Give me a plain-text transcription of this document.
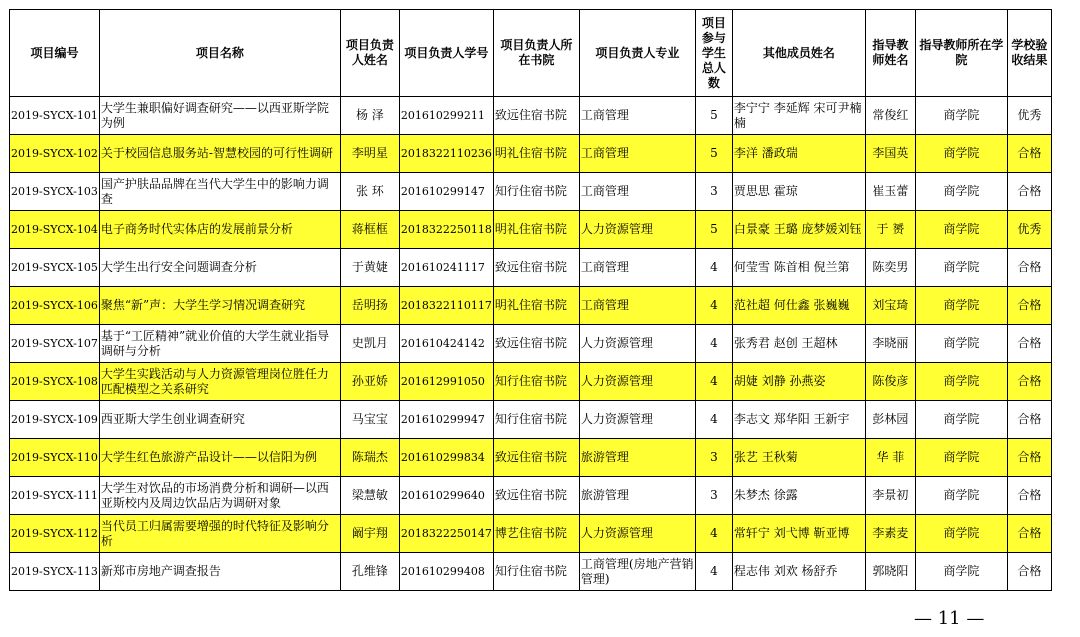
项目编号	项目名称	项目负责人姓名	项目负责人学号	项目负责人所在书院	项目负责人专业	项目参与学生总人数	其他成员姓名	指导教师姓名	指导教师所在学院	学校验收结果
2019-SYCX-101	大学生兼职偏好调查研究——以西亚斯学院为例	杨 泽	201610299211	致远住宿书院	工商管理	5	李宁宁 李延辉 宋可尹楠楠	常俊红	商学院	优秀
2019-SYCX-102	关于校园信息服务站-智慧校园的可行性调研	李明星	2018322110236	明礼住宿书院	工商管理	5	李洋 潘政瑞	李国英	商学院	合格
2019-SYCX-103	国产护肤品品牌在当代大学生中的影响力调查	张 环	201610299147	知行住宿书院	工商管理	3	贾思思 霍琼	崔玉蕾	商学院	合格
2019-SYCX-104	电子商务时代实体店的发展前景分析	蒋框框	2018322250118	明礼住宿书院	人力资源管理	5	白景豪 王璐 庞梦媛刘钰	于 赟	商学院	优秀
2019-SYCX-105	大学生出行安全问题调查分析	于黄婕	201610241117	致远住宿书院	工商管理	4	何莹雪 陈首相 倪兰第	陈奕男	商学院	合格
2019-SYCX-106	聚焦“新”声：大学生学习情况调查研究	岳明扬	2018322110117	明礼住宿书院	工商管理	4	范社超 何仕鑫 张巍巍	刘宝琦	商学院	合格
2019-SYCX-107	基于“工匠精神”就业价值的大学生就业指导调研与分析	史凯月	201610424142	致远住宿书院	人力资源管理	4	张秀君 赵创 王超林	李晓丽	商学院	合格
2019-SYCX-108	大学生实践活动与人力资源管理岗位胜任力匹配模型之关系研究	孙亚娇	201612991050	知行住宿书院	人力资源管理	4	胡婕 刘静 孙燕姿	陈俊彦	商学院	合格
2019-SYCX-109	西亚斯大学生创业调查研究	马宝宝	201610299947	知行住宿书院	人力资源管理	4	李志文 郑华阳 王新宇	彭林园	商学院	合格
2019-SYCX-110	大学生红色旅游产品设计——以信阳为例	陈瑞杰	201610299834	致远住宿书院	旅游管理	3	张艺 王秋菊	华 菲	商学院	合格
2019-SYCX-111	大学生对饮品的市场消费分析和调研—以西亚斯校内及周边饮品店为调研对象	梁慧敏	201610299640	致远住宿书院	旅游管理	3	朱梦杰 徐露	李景初	商学院	合格
2019-SYCX-112	当代员工归属需要增强的时代特征及影响分析	阚宇翔	2018322250147	博艺住宿书院	人力资源管理	4	常轩宁 刘弋博 靳亚博	李素麦	商学院	合格
2019-SYCX-113	新郑市房地产调查报告	孔维锋	201610299408	知行住宿书院	工商管理(房地产营销管理)	4	程志伟 刘欢 杨舒乔	郭晓阳	商学院	合格
— 11 —
